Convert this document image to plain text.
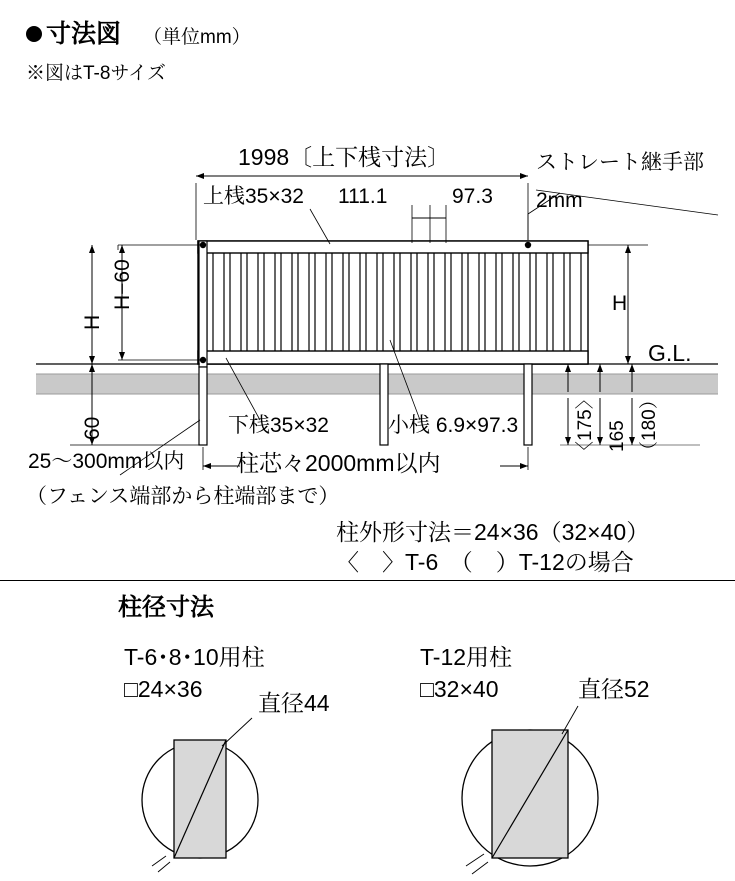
寸法図 （単位mm）
※図はT-8サイズ
1998〔上下桟寸法〕
上桟35×32 111.1	97.3
ストレート継手部
2mm
H−60
H
60
H
G.L.
下桟35×32	小桟 6.9×97.3	〈175〉 165 （180）
25〜300mm以内
（フェンス端部から柱端部まで）
柱芯々2000mm以内
柱外形寸法＝24×36（32×40）
〈　〉T-6　（　）T-12の場合
柱径寸法
T-6･8･10用柱
□24×36
直径44
T-12用柱
□32×40	直径52
